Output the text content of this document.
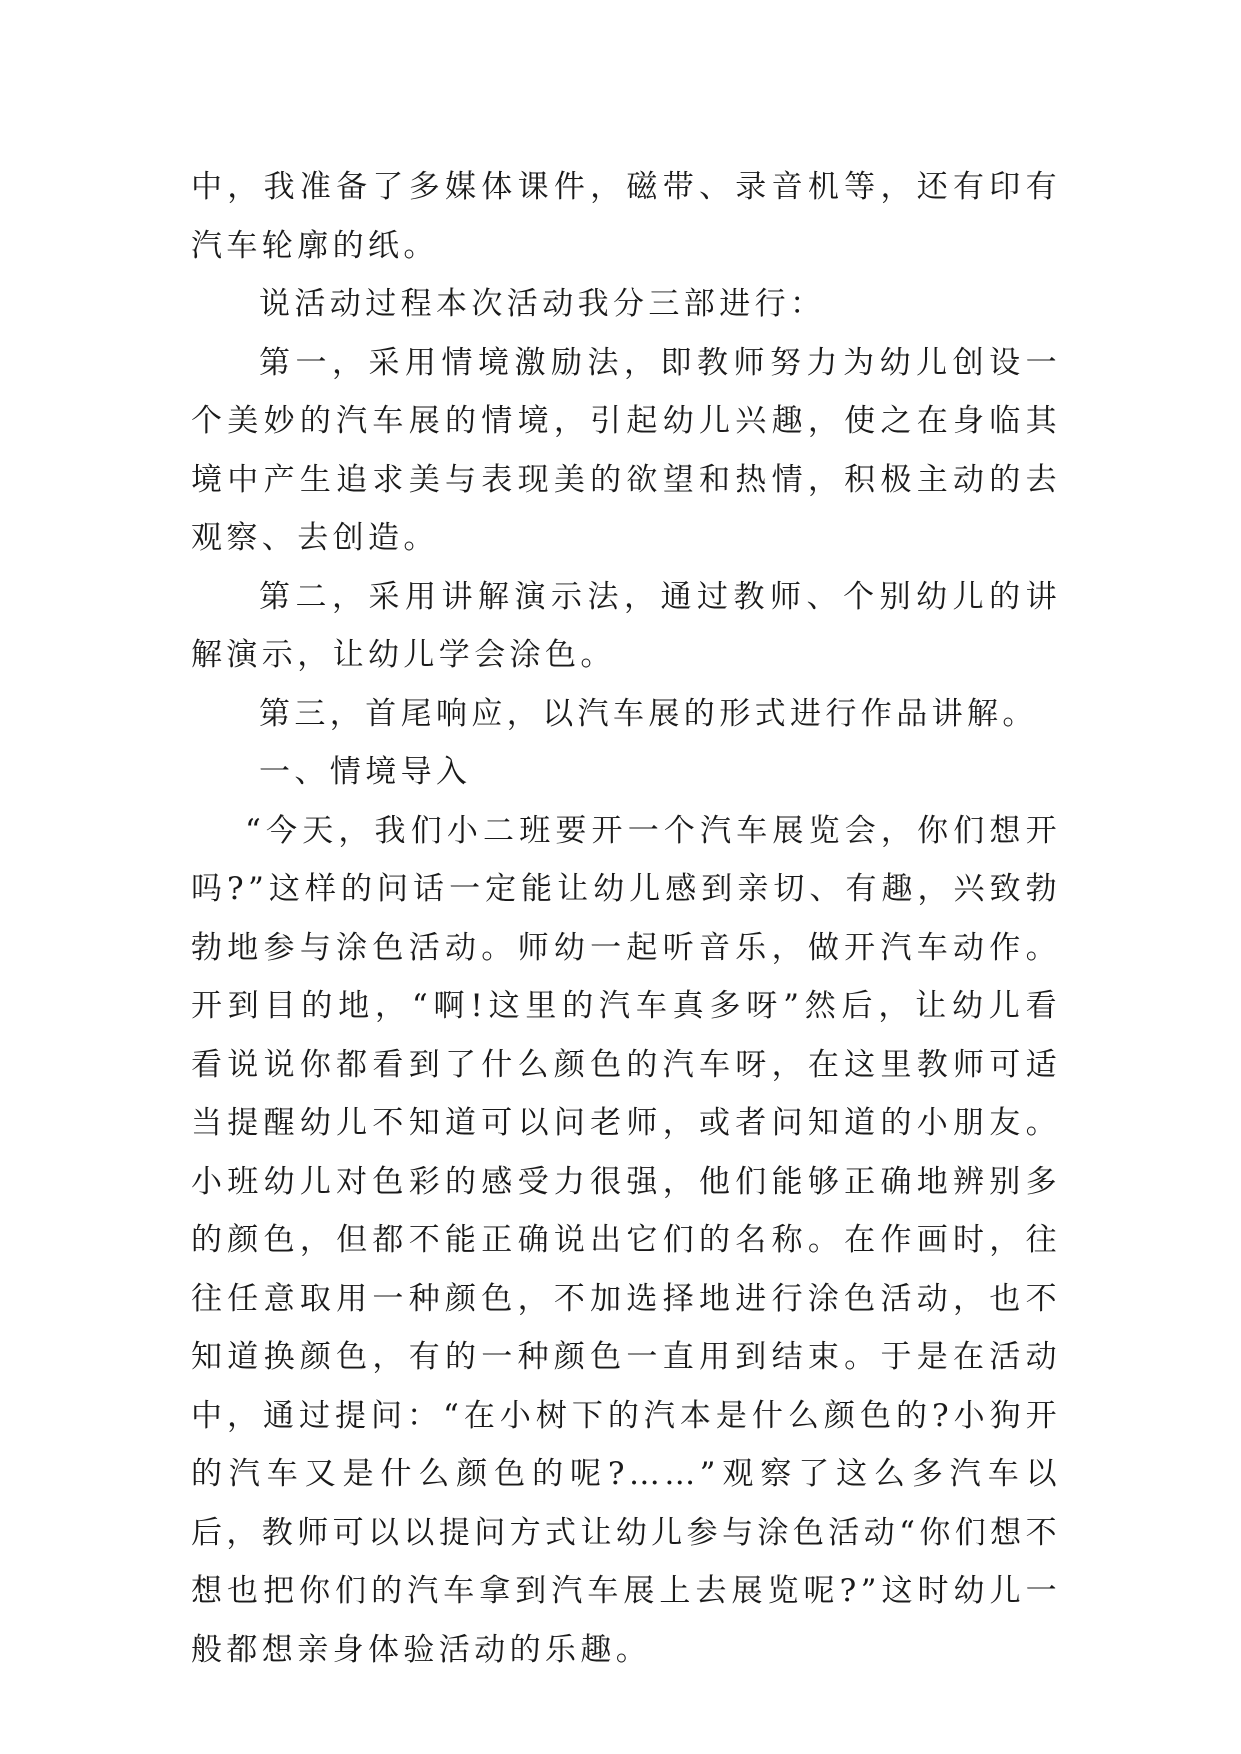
中，我准备了多媒体课件，磁带、录音机等，还有印有汽车轮廓的纸。

说活动过程本次活动我分三部进行：

第一，采用情境激励法，即教师努力为幼儿创设一个美妙的汽车展的情境，引起幼儿兴趣，使之在身临其境中产生追求美与表现美的欲望和热情，积极主动的去观察、去创造。

第二，采用讲解演示法，通过教师、个别幼儿的讲解演示，让幼儿学会涂色。

第三，首尾响应，以汽车展的形式进行作品讲解。

一、情境导入

“今天，我们小二班要开一个汽车展览会，你们想开吗?”这样的问话一定能让幼儿感到亲切、有趣，兴致勃勃地参与涂色活动。师幼一起听音乐，做开汽车动作。开到目的地，“啊!这里的汽车真多呀”然后，让幼儿看看说说你都看到了什么颜色的汽车呀，在这里教师可适当提醒幼儿不知道可以问老师，或者问知道的小朋友。小班幼儿对色彩的感受力很强，他们能够正确地辨别多的颜色，但都不能正确说出它们的名称。在作画时，往往任意取用一种颜色，不加选择地进行涂色活动，也不知道换颜色，有的一种颜色一直用到结束。于是在活动中，通过提问：“在小树下的汽本是什么颜色的?小狗开的汽车又是什么颜色的呢?……”观察了这么多汽车以后，教师可以以提问方式让幼儿参与涂色活动“你们想不想也把你们的汽车拿到汽车展上去展览呢?”这时幼儿一般都想亲身体验活动的乐趣。
